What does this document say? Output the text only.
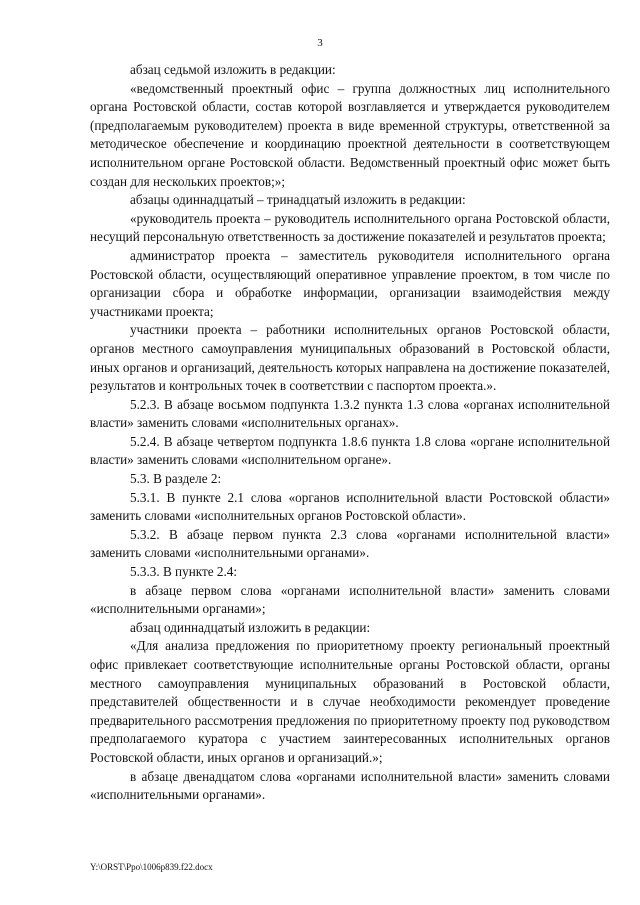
3

абзац седьмой изложить в редакции:

«ведомственный проектный офис – группа должностных лиц исполнительного органа Ростовской области, состав которой возглавляется и утверждается руководителем (предполагаемым руководителем) проекта в виде временной структуры, ответственной за методическое обеспечение и координацию проектной деятельности в соответствующем исполнительном органе Ростовской области. Ведомственный проектный офис может быть создан для нескольких проектов;»;

абзацы одиннадцатый – тринадцатый изложить в редакции:

«руководитель проекта – руководитель исполнительного органа Ростовской области, несущий персональную ответственность за достижение показателей и результатов проекта;

администратор проекта – заместитель руководителя исполнительного органа Ростовской области, осуществляющий оперативное управление проектом, в том числе по организации сбора и обработке информации, организации взаимодействия между участниками проекта;

участники проекта – работники исполнительных органов Ростовской области, органов местного самоуправления муниципальных образований в Ростовской области, иных органов и организаций, деятельность которых направлена на достижение показателей, результатов и контрольных точек в соответствии с паспортом проекта.».

5.2.3. В абзаце восьмом подпункта 1.3.2 пункта 1.3 слова «органах исполнительной власти» заменить словами «исполнительных органах».

5.2.4. В абзаце четвертом подпункта 1.8.6 пункта 1.8 слова «органе исполнительной власти» заменить словами «исполнительном органе».

5.3. В разделе 2:

5.3.1. В пункте 2.1 слова «органов исполнительной власти Ростовской области» заменить словами «исполнительных органов Ростовской области».

5.3.2. В абзаце первом пункта 2.3 слова «органами исполнительной власти» заменить словами «исполнительными органами».

5.3.3. В пункте 2.4:

в абзаце первом слова «органами исполнительной власти» заменить словами «исполнительными органами»;

абзац одиннадцатый изложить в редакции:

«Для анализа предложения по приоритетному проекту региональный проектный офис привлекает соответствующие исполнительные органы Ростовской области, органы местного самоуправления муниципальных образований в Ростовской области, представителей общественности и в случае необходимости рекомендует проведение предварительного рассмотрения предложения по приоритетному проекту под руководством предполагаемого куратора с участием заинтересованных исполнительных органов Ростовской области, иных органов и организаций.»;

в абзаце двенадцатом слова «органами исполнительной власти» заменить словами «исполнительными органами».

Y:\ORST\Ppo\1006p839.f22.docx
